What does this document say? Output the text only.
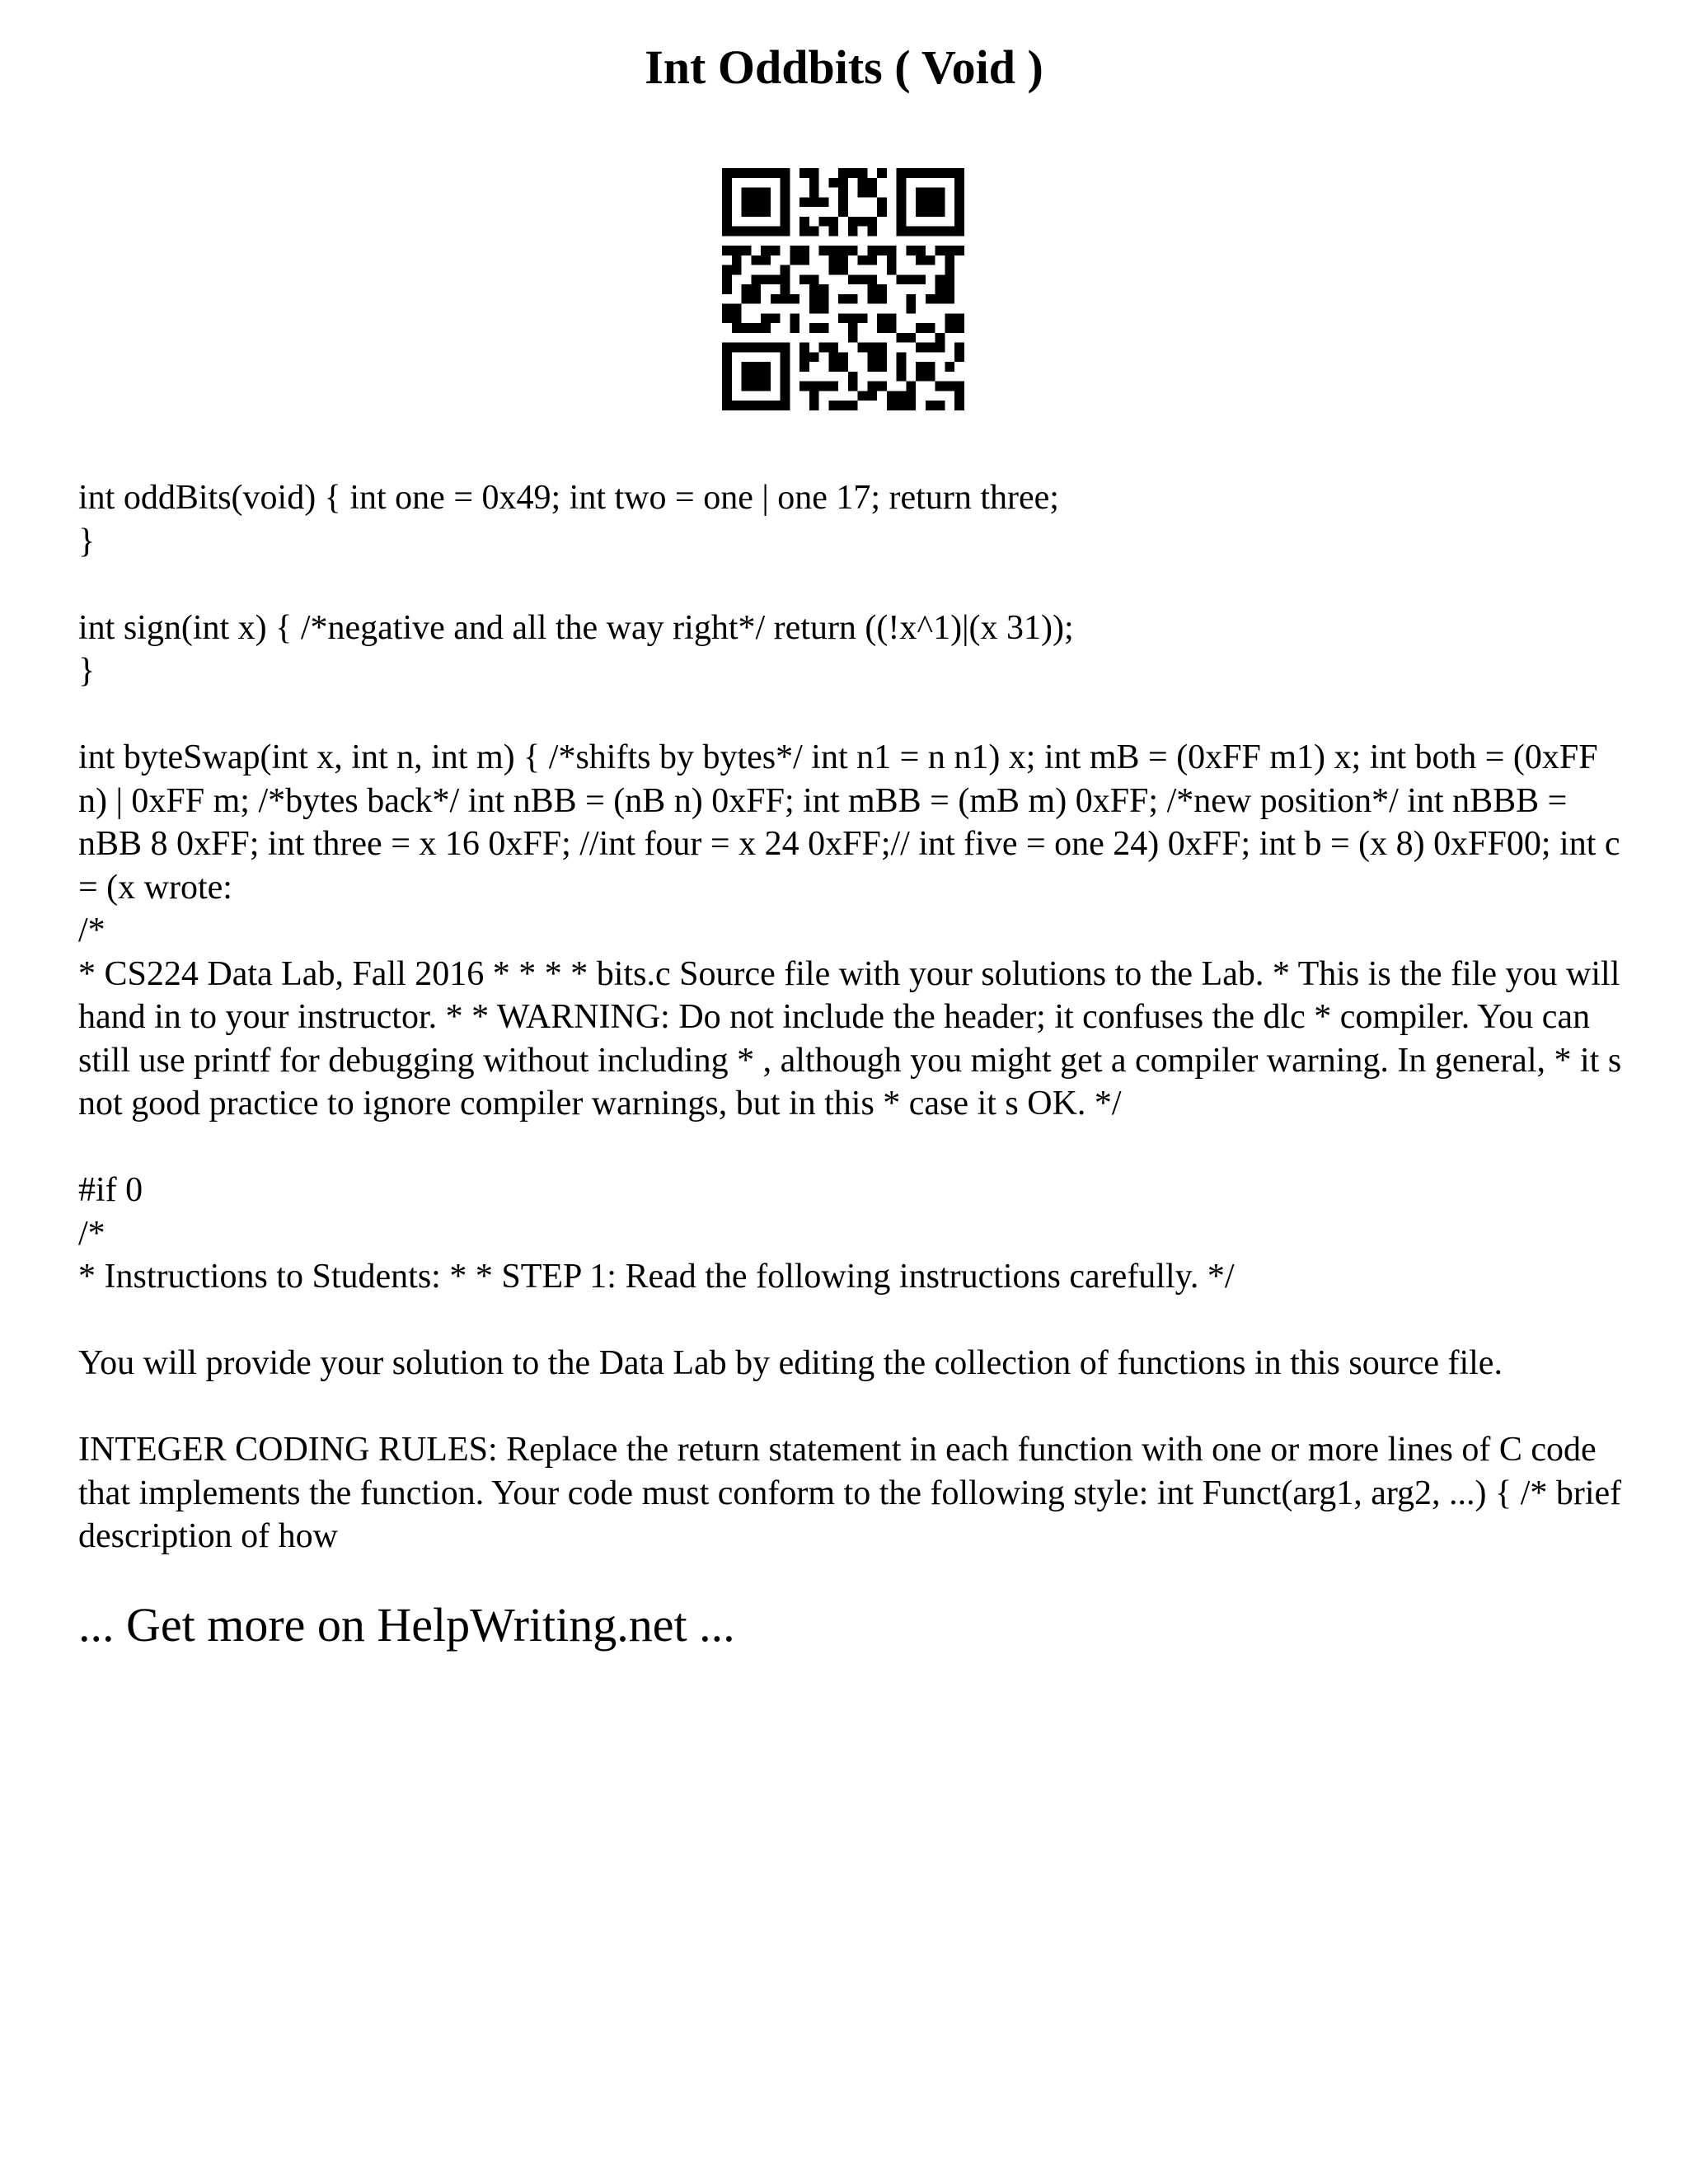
Int Oddbits ( Void )

int oddBits(void) { int one = 0x49; int two = one | one 17; return three;
}

int sign(int x) { /*negative and all the way right*/ return ((!x^1)|(x 31));
}

int byteSwap(int x, int n, int m) { /*shifts by bytes*/ int n1 = n n1) x; int mB = (0xFF m1) x; int both = (0xFF n) | 0xFF m; /*bytes back*/ int nBB = (nB n) 0xFF; int mBB = (mB m) 0xFF; /*new position*/ int nBBB = nBB 8 0xFF; int three = x 16 0xFF; //int four = x 24 0xFF;// int five = one 24) 0xFF; int b = (x 8) 0xFF00; int c = (x wrote:
/*
* CS224 Data Lab, Fall 2016 * * * * bits.c Source file with your solutions to the Lab. * This is the file you will hand in to your instructor. * * WARNING: Do not include the header; it confuses the dlc * compiler. You can still use printf for debugging without including * , although you might get a compiler warning. In general, * it s not good practice to ignore compiler warnings, but in this * case it s OK. */

#if 0
/*
* Instructions to Students: * * STEP 1: Read the following instructions carefully. */

You will provide your solution to the Data Lab by editing the collection of functions in this source file.

INTEGER CODING RULES: Replace the return statement in each function with one or more lines of C code that implements the function. Your code must conform to the following style: int Funct(arg1, arg2, ...) { /* brief description of how

... Get more on HelpWriting.net ...
